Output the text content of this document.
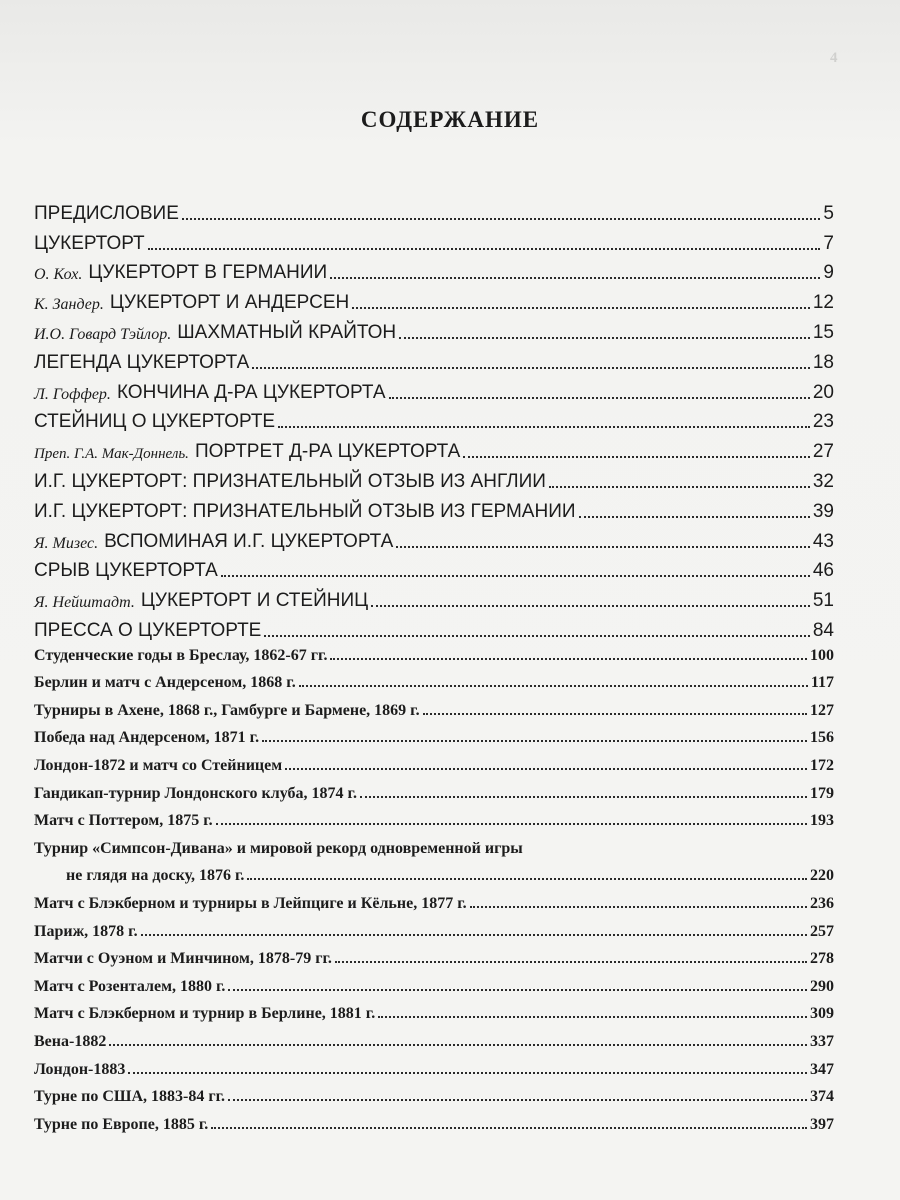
4
СОДЕРЖАНИЕ
ПРЕДИСЛОВИЕ	5
ЦУКЕРТОРТ	7
О. Кох. ЦУКЕРТОРТ В ГЕРМАНИИ	9
К. Зандер. ЦУКЕРТОРТ И АНДЕРСЕН	12
И.О. Говард Тэйлор. ШАХМАТНЫЙ КРАЙТОН	15
ЛЕГЕНДА ЦУКЕРТОРТА	18
Л. Гоффер. КОНЧИНА Д-РА ЦУКЕРТОРТА	20
СТЕЙНИЦ О ЦУКЕРТОРТЕ	23
Преп. Г.А. Мак-Доннель. ПОРТРЕТ Д-РА ЦУКЕРТОРТА	27
И.Г. ЦУКЕРТОРТ: ПРИЗНАТЕЛЬНЫЙ ОТЗЫВ ИЗ АНГЛИИ	32
И.Г. ЦУКЕРТОРТ: ПРИЗНАТЕЛЬНЫЙ ОТЗЫВ ИЗ ГЕРМАНИИ	39
Я. Мизес. ВСПОМИНАЯ И.Г. ЦУКЕРТОРТА	43
СРЫВ ЦУКЕРТОРТА	46
Я. Нейштадт. ЦУКЕРТОРТ И СТЕЙНИЦ	51
ПРЕССА О ЦУКЕРТОРТЕ	84
Студенческие годы в Бреслау, 1862-67 гг.	100
Берлин и матч с Андерсеном, 1868 г.	117
Турниры в Ахене, 1868 г., Гамбурге и Бармене, 1869 г.	127
Победа над Андерсеном, 1871 г.	156
Лондон-1872 и матч со Стейницем	172
Гандикап-турнир Лондонского клуба, 1874 г.	179
Матч с Поттером, 1875 г.	193
Турнир «Симпсон-Дивана» и мировой рекорд одновременной игры
не глядя на доску, 1876 г.	220
Матч с Блэкберном и турниры в Лейпциге и Кёльне, 1877 г.	236
Париж, 1878 г.	257
Матчи с Оуэном и Минчином, 1878-79 гг.	278
Матч с Розенталем, 1880 г.	290
Матч с Блэкберном и турнир в Берлине, 1881 г.	309
Вена-1882	337
Лондон-1883	347
Турне по США, 1883-84 гг.	374
Турне по Европе, 1885 г.	397
